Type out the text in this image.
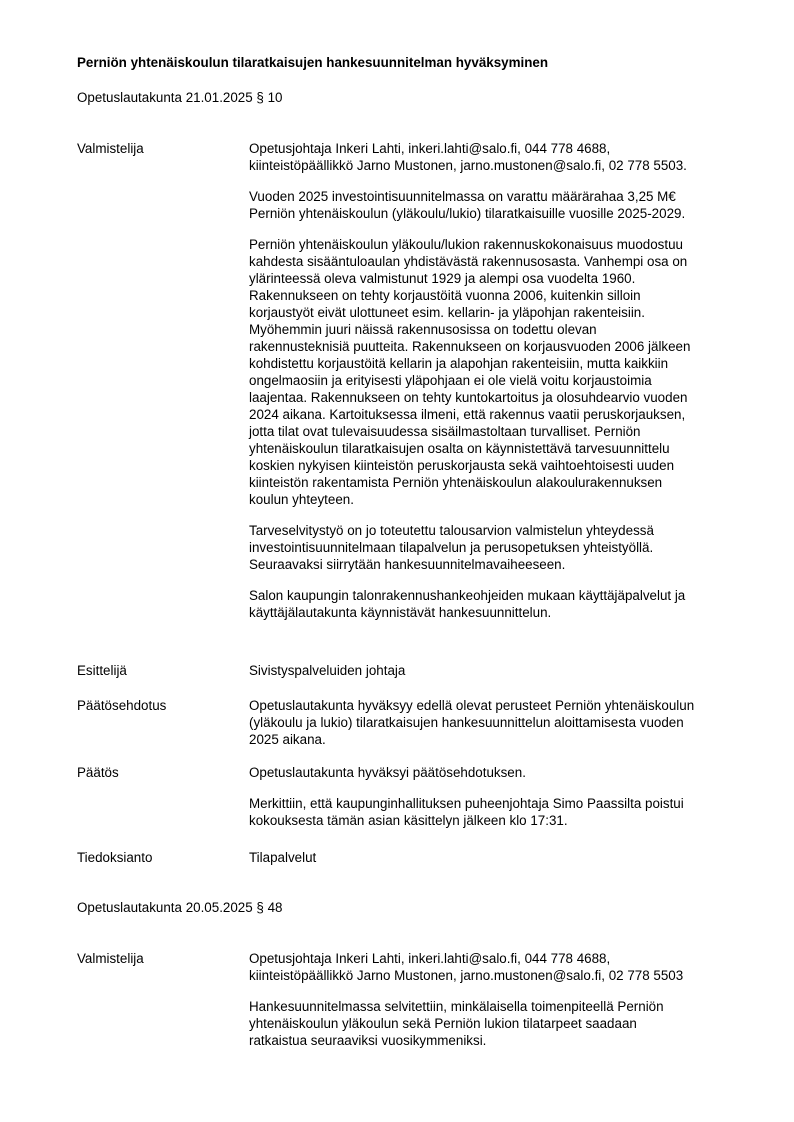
Perniön yhtenäiskoulun tilaratkaisujen hankesuunnitelman hyväksyminen
Opetuslautakunta 21.01.2025 § 10
Valmistelija	Opetusjohtaja Inkeri Lahti, inkeri.lahti@salo.fi, 044 778 4688,
kiinteistöpäällikkö Jarno Mustonen, jarno.mustonen@salo.fi, 02 778 5503.

Vuoden 2025 investointisuunnitelmassa on varattu määrärahaa 3,25 M€
Perniön yhtenäiskoulun (yläkoulu/lukio) tilaratkaisuille vuosille 2025-2029.

Perniön yhtenäiskoulun yläkoulu/lukion rakennuskokonaisuus muodostuu
kahdesta sisääntuloaulan yhdistävästä rakennusosasta. Vanhempi osa on
ylärinteessä oleva valmistunut 1929 ja alempi osa vuodelta 1960.
Rakennukseen on tehty korjaustöitä vuonna 2006, kuitenkin silloin
korjaustyöt eivät ulottuneet esim. kellarin- ja yläpohjan rakenteisiin.
Myöhemmin juuri näissä rakennusosissa on todettu olevan
rakennusteknisiä puutteita. Rakennukseen on korjausvuoden 2006 jälkeen
kohdistettu korjaustöitä kellarin ja alapohjan rakenteisiin, mutta kaikkiin
ongelmaosiin ja erityisesti yläpohjaan ei ole vielä voitu korjaustoimia
laajentaa. Rakennukseen on tehty kuntokartoitus ja olosuhdearvio vuoden
2024 aikana. Kartoituksessa ilmeni, että rakennus vaatii peruskorjauksen,
jotta tilat ovat tulevaisuudessa sisäilmastoltaan turvalliset. Perniön
yhtenäiskoulun tilaratkaisujen osalta on käynnistettävä tarvesuunnittelu
koskien nykyisen kiinteistön peruskorjausta sekä vaihtoehtoisesti uuden
kiinteistön rakentamista Perniön yhtenäiskoulun alakoulurakennuksen
koulun yhteyteen.

Tarveselvitystyö on jo toteutettu talousarvion valmistelun yhteydessä
investointisuunnitelmaan tilapalvelun ja perusopetuksen yhteistyöllä.
Seuraavaksi siirrytään hankesuunnitelmavaiheeseen.

Salon kaupungin talonrakennushankeohjeiden mukaan käyttäjäpalvelut ja
käyttäjälautakunta käynnistävät hankesuunnittelun.

Esittelijä	Sivistyspalveluiden johtaja

Päätösehdotus	Opetuslautakunta hyväksyy edellä olevat perusteet Perniön yhtenäiskoulun
(yläkoulu ja lukio) tilaratkaisujen hankesuunnittelun aloittamisesta vuoden
2025 aikana.

Päätös	Opetuslautakunta hyväksyi päätösehdotuksen.

Merkittiin, että kaupunginhallituksen puheenjohtaja Simo Paassilta poistui
kokouksesta tämän asian käsittelyn jälkeen klo 17:31.

Tiedoksianto	Tilapalvelut

Opetuslautakunta 20.05.2025 § 48
Valmistelija	Opetusjohtaja Inkeri Lahti, inkeri.lahti@salo.fi, 044 778 4688,
kiinteistöpäällikkö Jarno Mustonen, jarno.mustonen@salo.fi, 02 778 5503

Hankesuunnitelmassa selvitettiin, minkälaisella toimenpiteellä Perniön
yhtenäiskoulun yläkoulun sekä Perniön lukion tilatarpeet saadaan
ratkaistua seuraaviksi vuosikymmeniksi.
